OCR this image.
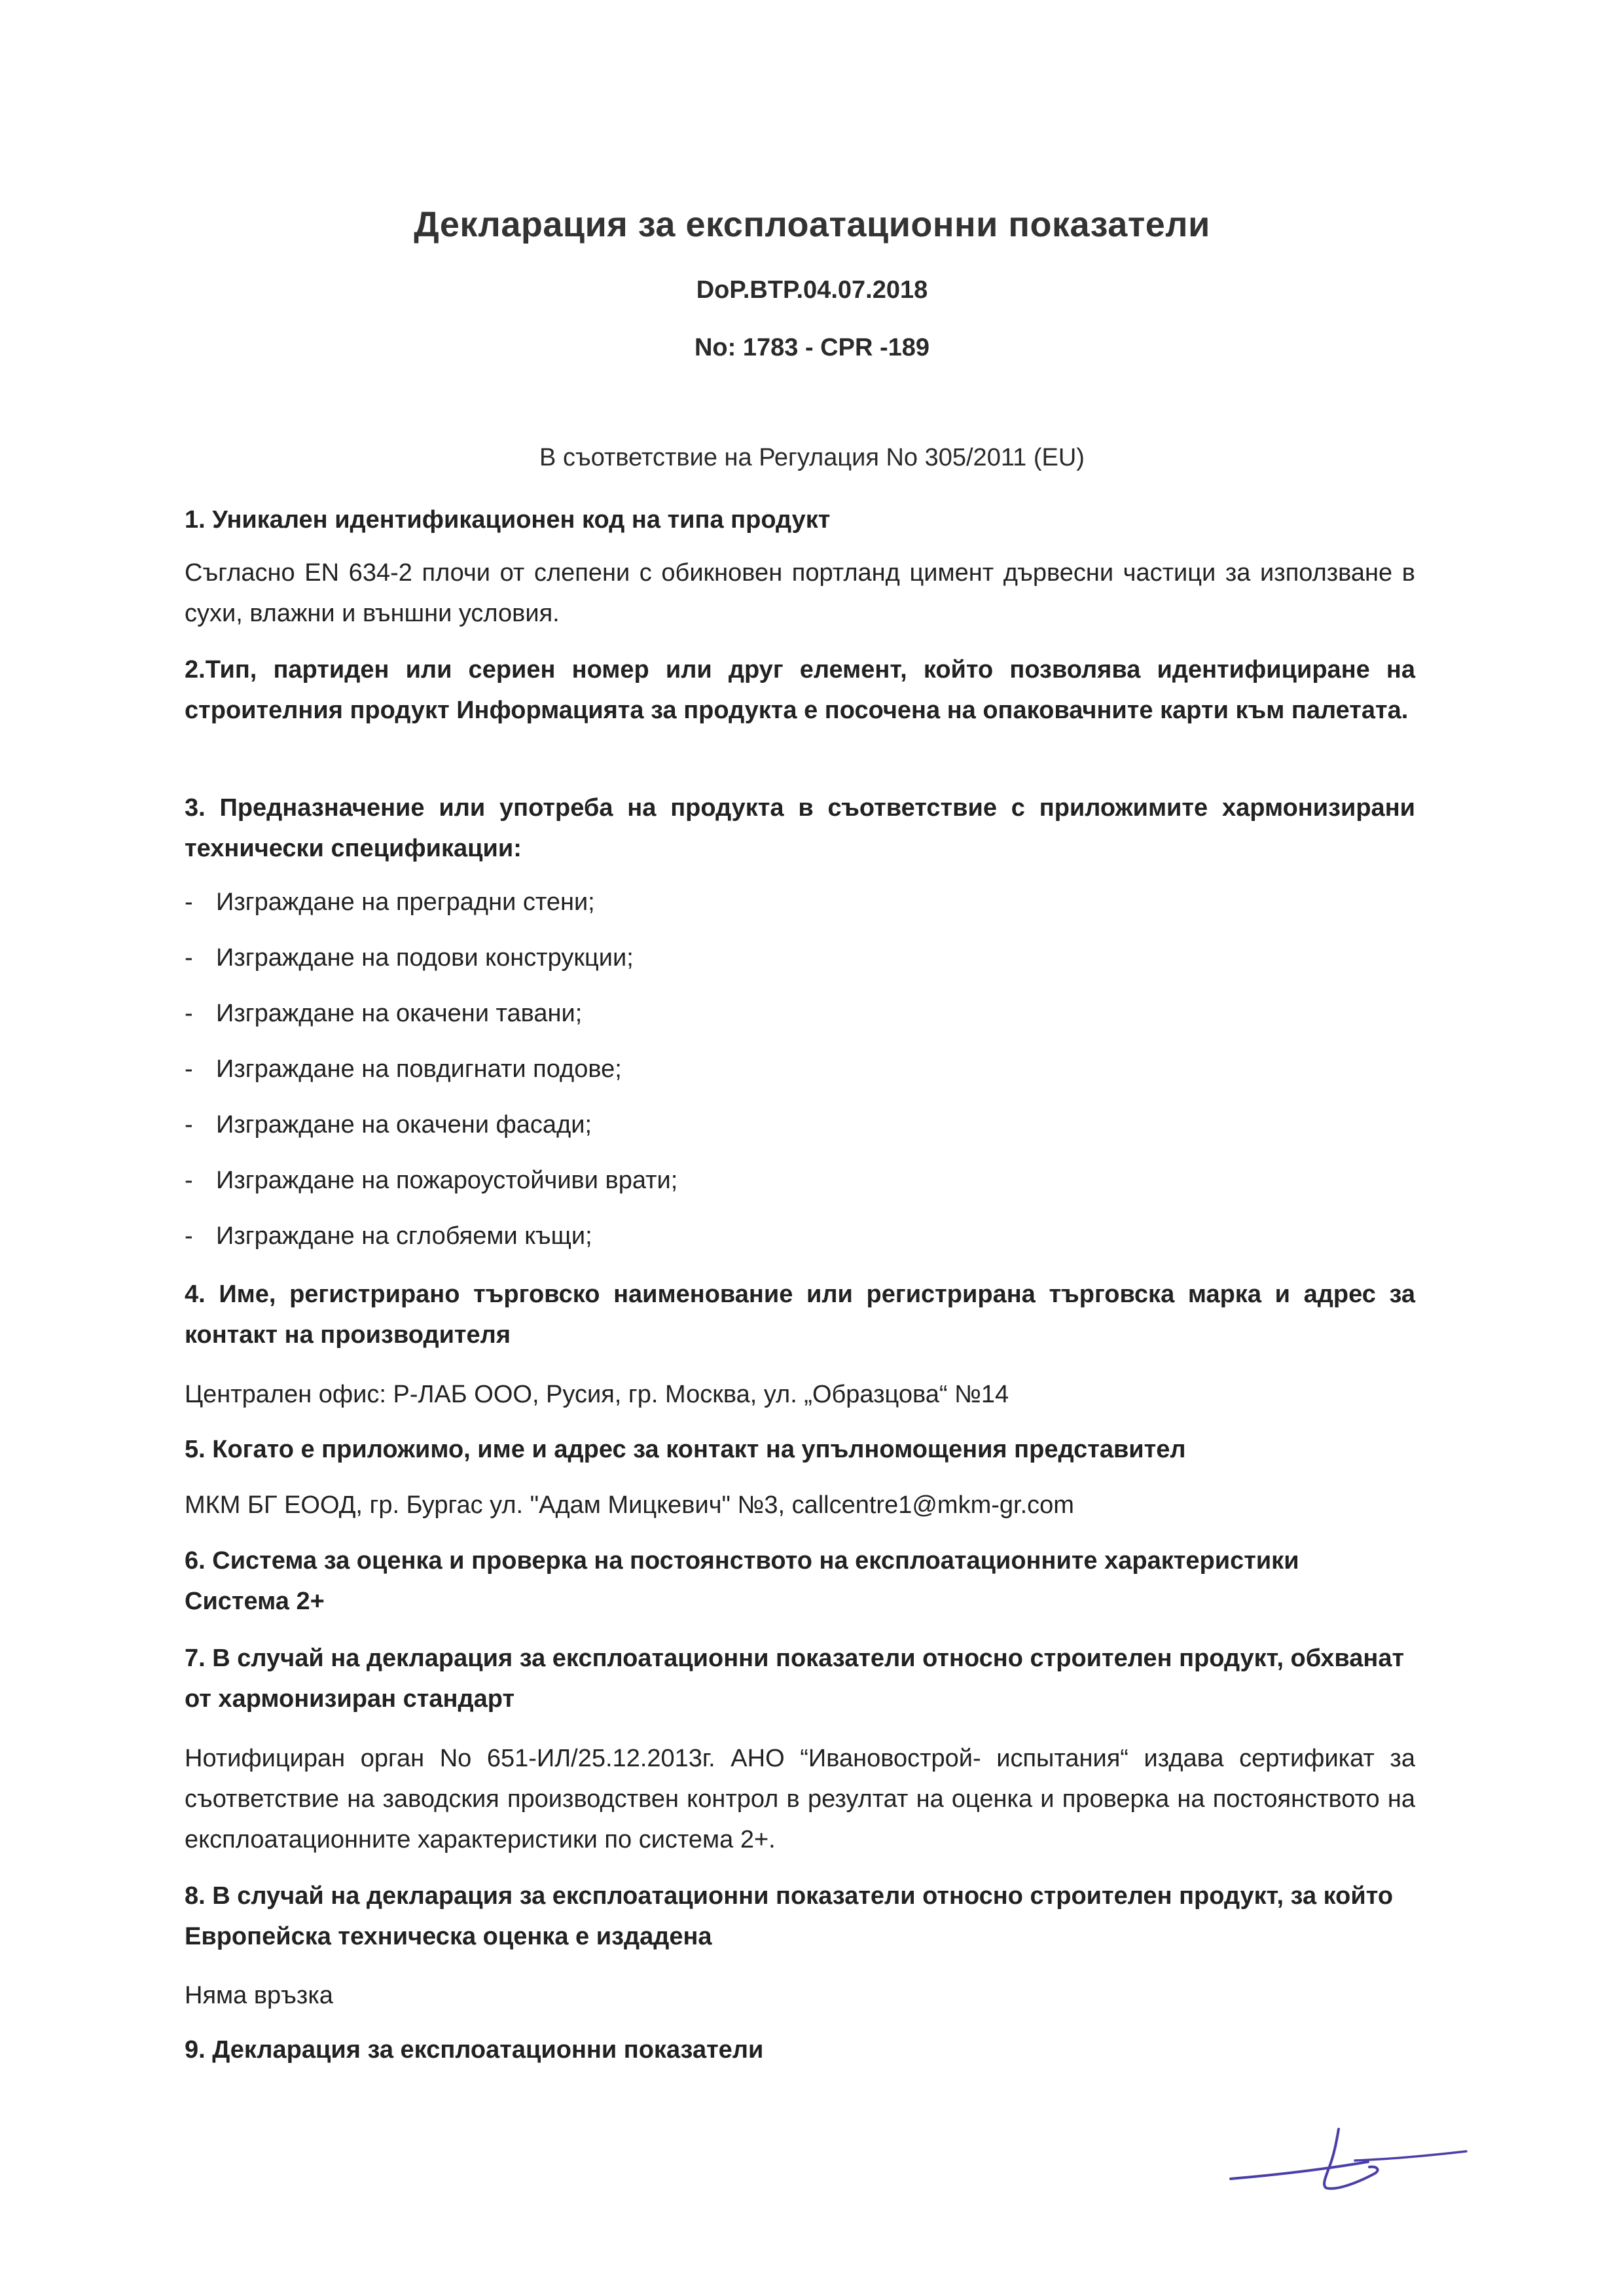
Декларация за експлоатационни показатели
DoP.BTP.04.07.2018
No: 1783 - CPR -189
В съответствие на Регулация No 305/2011 (EU)
1. Уникален идентификационен код на типа продукт
Съгласно EN 634-2 плочи от слепени с обикновен портланд цимент дървесни частици за използване в сухи, влажни и външни условия.
2.Тип, партиден или сериен номер или друг елемент, който позволява идентифициране на строителния продукт Информацията за продукта е посочена на опаковачните карти към палетата.
3. Предназначение или употреба на продукта в съответствие с приложимите хармонизирани технически спецификации:
- Изграждане на преградни стени;
- Изграждане на подови конструкции;
- Изграждане на окачени тавани;
- Изграждане на повдигнати подове;
- Изграждане на окачени фасади;
- Изграждане на пожароустойчиви врати;
- Изграждане на сглобяеми къщи;
4. Име, регистрирано търговско наименование или регистрирана търговска марка и адрес за контакт на производителя
Централен офис: Р-ЛАБ ООО, Русия, гр. Москва, ул. „Образцова“ №14
5. Когато е приложимо, име и адрес за контакт на упълномощения представител
МКМ БГ ЕООД, гр. Бургас ул. "Адам Мицкевич" №3, callcentre1@mkm-gr.com
6. Система за оценка и проверка на постоянството на експлоатационните характеристики
Система 2+
7. В случай на декларация за експлоатационни показатели относно строителен продукт, обхванат от хармонизиран стандарт
Нотифициран орган No 651-ИЛ/25.12.2013г. АНО “Ивановострой- испытания“ издава сертификат за съответствие на заводския производствен контрол в резултат на оценка и проверка на постоянството на експлоатационните характеристики по система 2+.
8. В случай на декларация за експлоатационни показатели относно строителен продукт, за който Европейска техническа оценка е издадена
Няма връзка
9. Декларация за експлоатационни показатели
